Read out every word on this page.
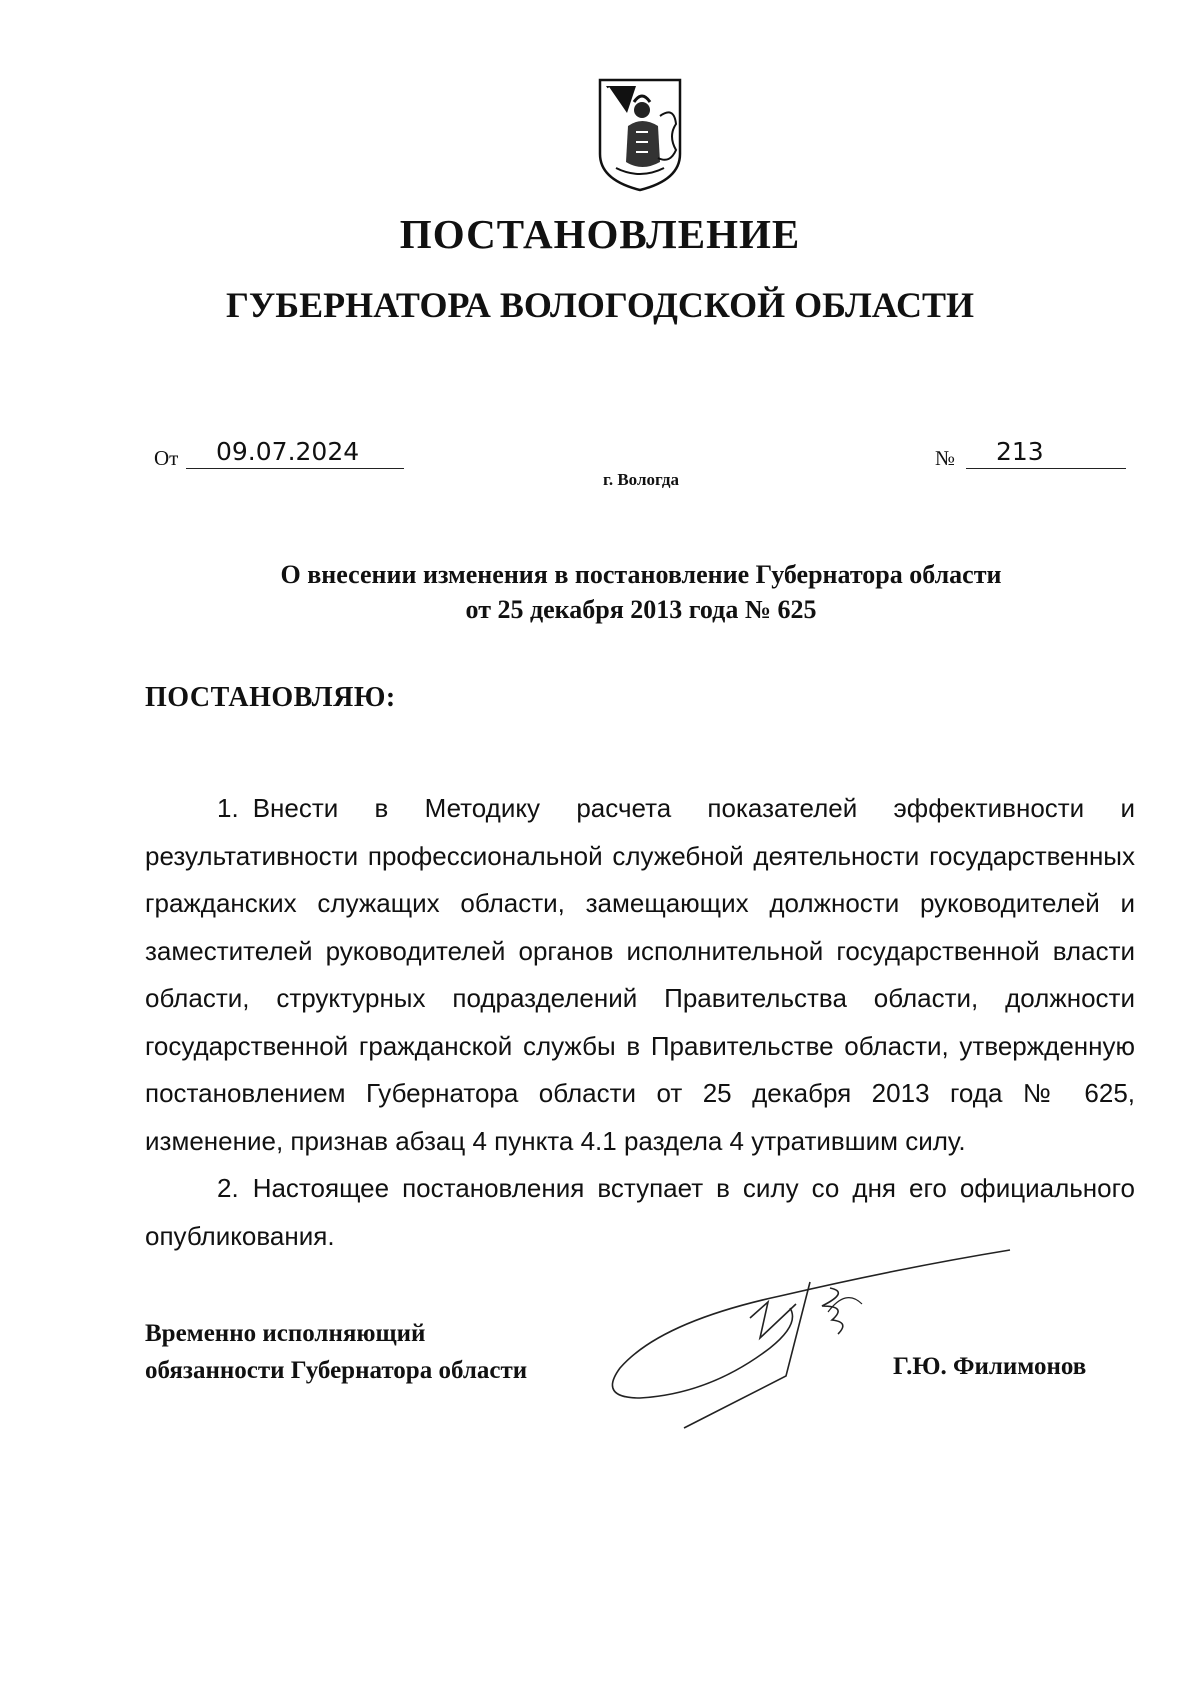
ПОСТАНОВЛЕНИЕ
ГУБЕРНАТОРА ВОЛОГОДСКОЙ ОБЛАСТИ
От	09.07.2024	№	213
г. Вологда
О внесении изменения в постановление Губернатора области
от 25 декабря 2013 года № 625
ПОСТАНОВЛЯЮ:

1. Внести в Методику расчета показателей эффективности и результативности профессиональной служебной деятельности государственных гражданских служащих области, замещающих должности руководителей и заместителей руководителей органов исполнительной государственной власти области, структурных подразделений Правительства области, должности государственной гражданской службы в Правительстве области, утвержденную постановлением Губернатора области от 25 декабря 2013 года № 625, изменение, признав абзац 4 пункта 4.1 раздела 4 утратившим силу.

2. Настоящее постановления вступает в силу со дня его официального опубликования.

Временно исполняющий
обязанности Губернатора области	Г.Ю. Филимонов
